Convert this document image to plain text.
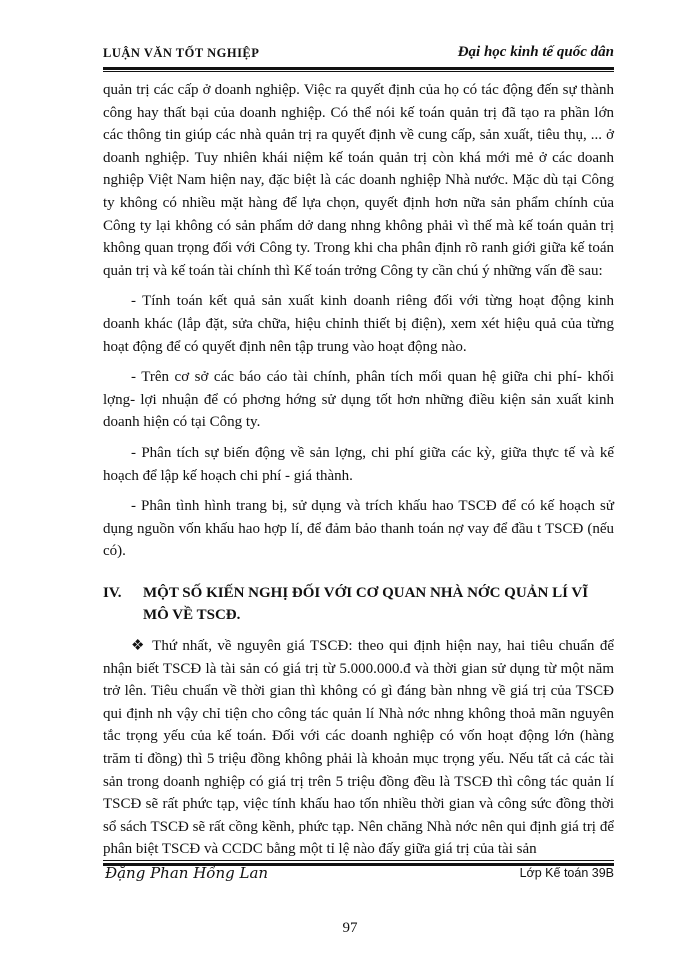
LUẬN VĂN TỐT NGHIỆP	Đại học kinh tế quốc dân

quản trị các cấp ở doanh nghiệp. Việc ra quyết định của họ có tác động đến sự thành công hay thất bại của doanh nghiệp. Có thể nói kế toán quản trị đã tạo ra phần lớn các thông tin giúp các nhà quản trị ra quyết định về cung cấp, sản xuất, tiêu thụ, ... ở doanh nghiệp. Tuy nhiên khái niệm kế toán quản trị còn khá mới mẻ ở các doanh nghiệp Việt Nam hiện nay, đặc biệt là các doanh nghiệp Nhà nước. Mặc dù tại Công ty không có nhiều mặt hàng để lựa chọn, quyết định hơn nữa sản phẩm chính của Công ty lại không có sản phẩm dở dang nhng không phải vì thế mà kế toán quản trị không quan trọng đối với Công ty. Trong khi cha phân định rõ ranh giới giữa kế toán quản trị và kế toán tài chính thì Kế toán trởng Công ty cần chú ý những vấn đề sau:

- Tính toán kết quả sản xuất kinh doanh riêng đối với từng hoạt động kinh doanh khác (lắp đặt, sửa chữa, hiệu chỉnh thiết bị điện), xem xét hiệu quả của từng hoạt động để có quyết định nên tập trung vào hoạt động nào.

- Trên cơ sở các báo cáo tài chính, phân tích mối quan hệ giữa chi phí- khối lợng- lợi nhuận để có phơng hớng sử dụng tốt hơn những điều kiện sản xuất kinh doanh hiện có tại Công ty.

- Phân tích sự biến động về sản lợng, chi phí giữa các kỳ, giữa thực tế và kế hoạch để lập kế hoạch chi phí - giá thành.

- Phân tình hình trang bị, sử dụng và trích khấu hao TSCĐ để có kế hoạch sử dụng nguồn vốn khấu hao hợp lí, để đảm bảo thanh toán nợ vay để đầu t TSCĐ (nếu có).

IV.	MỘT SỐ KIẾN NGHỊ ĐỐI VỚI CƠ QUAN NHÀ NỚC QUẢN LÍ VĨ MÔ VỀ TSCĐ.

❖ Thứ nhất, về nguyên giá TSCĐ: theo qui định hiện nay, hai tiêu chuẩn để nhận biết TSCĐ là tài sản có giá trị từ 5.000.000.đ và thời gian sử dụng từ một năm trở lên. Tiêu chuẩn về thời gian thì không có gì đáng bàn nhng về giá trị của TSCĐ qui định nh vậy chỉ tiện cho công tác quản lí Nhà nớc nhng không thoả mãn nguyên tắc trọng yếu của kế toán. Đối với các doanh nghiệp có vốn hoạt động lớn (hàng trăm tỉ đồng) thì 5 triệu đồng không phải là khoản mục trọng yếu. Nếu tất cả các tài sản trong doanh nghiệp có giá trị trên 5 triệu đồng đều là TSCĐ thì công tác quản lí TSCĐ sẽ rất phức tạp, việc tính khấu hao tốn nhiều thời gian và công sức đồng thời sổ sách TSCĐ sẽ rất cồng kềnh, phức tạp. Nên chăng Nhà nớc nên qui định giá trị để phân biệt TSCĐ và CCDC bằng một tỉ lệ nào đấy giữa giá trị của tài sản

Đặng Phan Hồng Lan	Lớp Kế toán 39B
97
